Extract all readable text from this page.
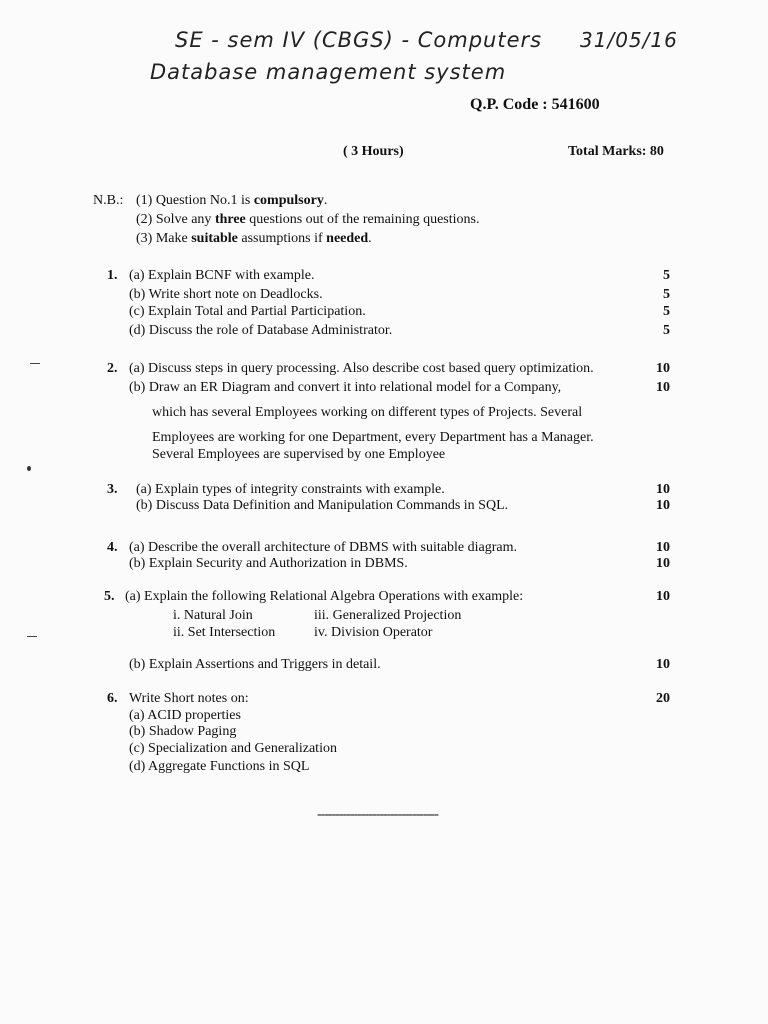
SE - sem IV (CBGS) - Computers 31/05/16
Database management system
Q.P. Code : 541600
( 3 Hours)	Total Marks: 80
N.B.: (1) Question No.1 is compulsory.
(2) Solve any three questions out of the remaining questions.
(3) Make suitable assumptions if needed.
1. (a) Explain BCNF with example.	5
(b) Write short note on Deadlocks.	5
(c) Explain Total and Partial Participation.	5
(d) Discuss the role of Database Administrator.	5
2. (a) Discuss steps in query processing. Also describe cost based query optimization.	10
(b) Draw an ER Diagram and convert it into relational model for a Company,	10
which has several Employees working on different types of Projects. Several
Employees are working for one Department, every Department has a Manager.
Several Employees are supervised by one Employee
3. (a) Explain types of integrity constraints with example.	10
(b) Discuss Data Definition and Manipulation Commands in SQL.	10
4. (a) Describe the overall architecture of DBMS with suitable diagram.	10
(b) Explain Security and Authorization in DBMS.	10
5. (a) Explain the following Relational Algebra Operations with example:	10
i. Natural Join	iii. Generalized Projection
ii. Set Intersection	iv. Division Operator
(b) Explain Assertions and Triggers in detail.	10
6. Write Short notes on:	20
(a) ACID properties
(b) Shadow Paging
(c) Specialization and Generalization
(d) Aggregate Functions in SQL
---------------------------------
